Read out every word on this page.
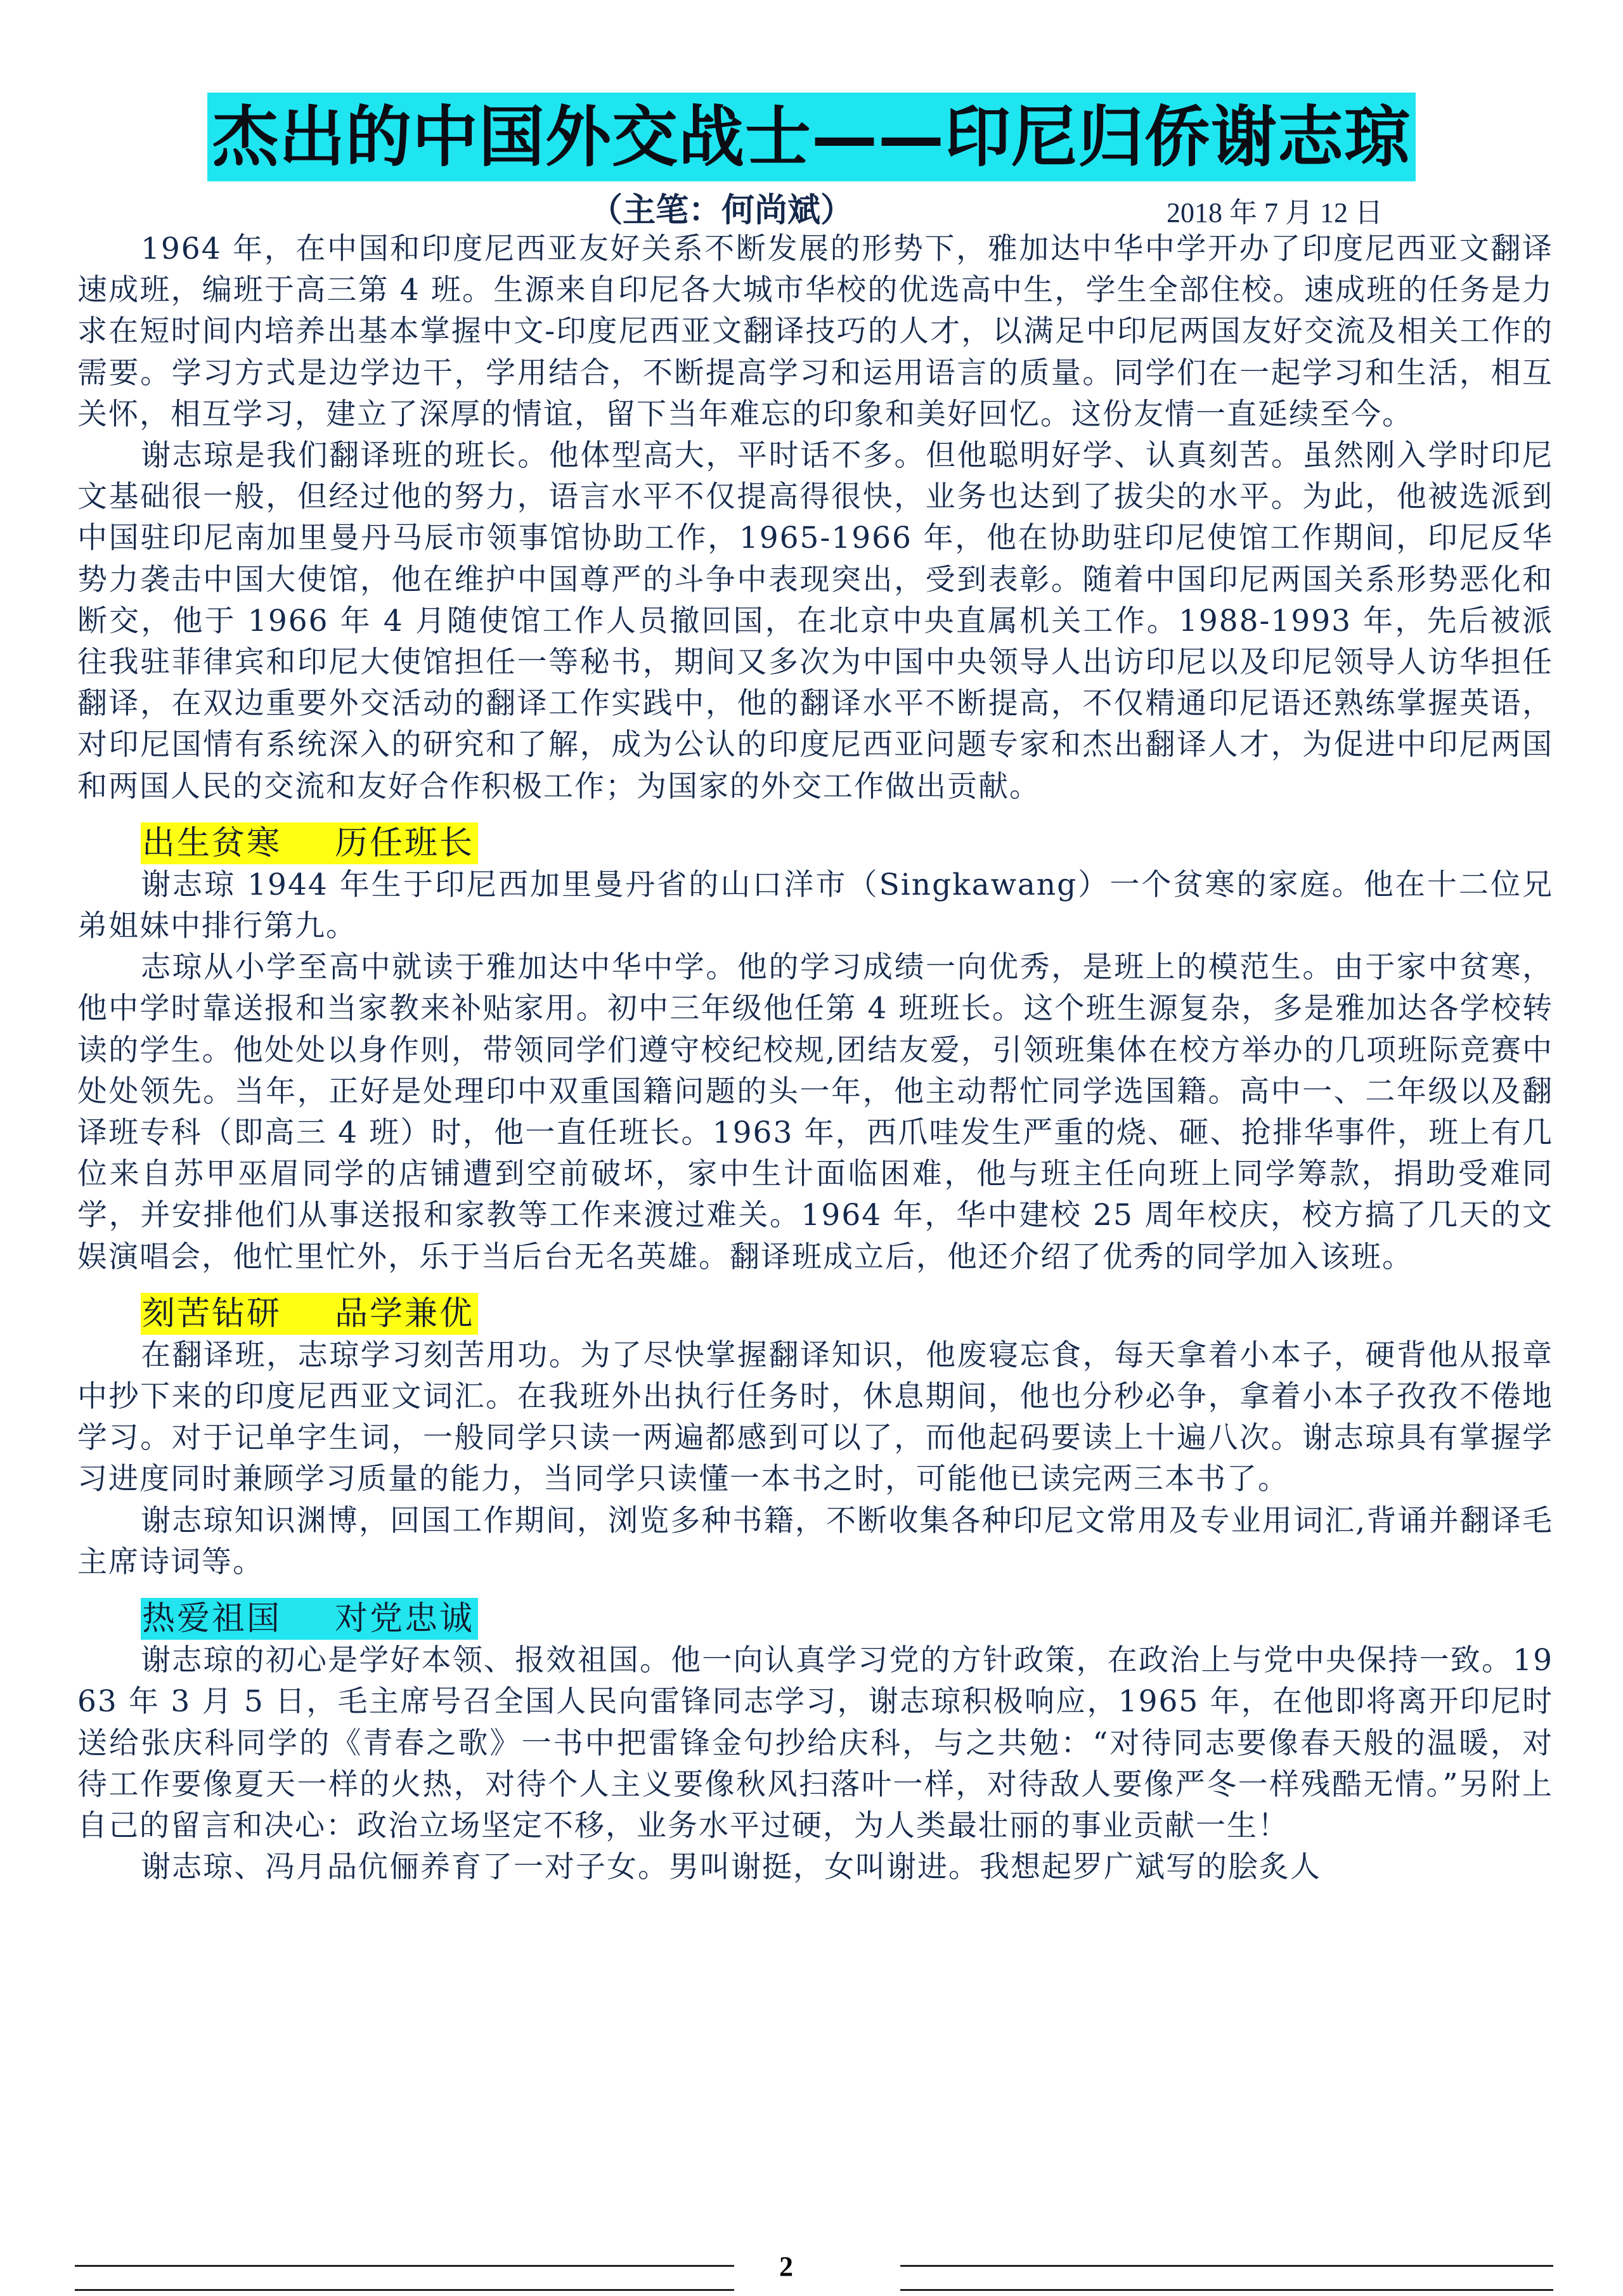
杰出的中国外交战士——印尼归侨谢志琼
（主笔：何尚斌）	2018 年 7 月 12 日

1964 年，在中国和印度尼西亚友好关系不断发展的形势下，雅加达中华中学开办了印度尼西亚文翻译速成班，编班于高三第 4 班。生源来自印尼各大城市华校的优选高中生，学生全部住校。速成班的任务是力求在短时间内培养出基本掌握中文-印度尼西亚文翻译技巧的人才，以满足中印尼两国友好交流及相关工作的需要。学习方式是边学边干，学用结合，不断提高学习和运用语言的质量。同学们在一起学习和生活，相互关怀，相互学习，建立了深厚的情谊，留下当年难忘的印象和美好回忆。这份友情一直延续至今。

谢志琼是我们翻译班的班长。他体型高大，平时话不多。但他聪明好学、认真刻苦。虽然刚入学时印尼文基础很一般，但经过他的努力，语言水平不仅提高得很快，业务也达到了拔尖的水平。为此，他被选派到中国驻印尼南加里曼丹马辰市领事馆协助工作，1965-1966 年，他在协助驻印尼使馆工作期间，印尼反华势力袭击中国大使馆，他在维护中国尊严的斗争中表现突出，受到表彰。随着中国印尼两国关系形势恶化和断交，他于 1966 年 4 月随使馆工作人员撤回国，在北京中央直属机关工作。1988-1993 年，先后被派往我驻菲律宾和印尼大使馆担任一等秘书，期间又多次为中国中央领导人出访印尼以及印尼领导人访华担任翻译，在双边重要外交活动的翻译工作实践中，他的翻译水平不断提高，不仅精通印尼语还熟练掌握英语，对印尼国情有系统深入的研究和了解，成为公认的印度尼西亚问题专家和杰出翻译人才，为促进中印尼两国和两国人民的交流和友好合作积极工作；为国家的外交工作做出贡献。

出生贫寒 历任班长

谢志琼 1944 年生于印尼西加里曼丹省的山口洋市（Singkawang）一个贫寒的家庭。他在十二位兄弟姐妹中排行第九。

志琼从小学至高中就读于雅加达中华中学。他的学习成绩一向优秀，是班上的模范生。由于家中贫寒，他中学时靠送报和当家教来补贴家用。初中三年级他任第 4 班班长。这个班生源复杂，多是雅加达各学校转读的学生。他处处以身作则，带领同学们遵守校纪校规,团结友爱，引领班集体在校方举办的几项班际竞赛中处处领先。当年，正好是处理印中双重国籍问题的头一年，他主动帮忙同学选国籍。高中一、二年级以及翻译班专科（即高三 4 班）时，他一直任班长。1963 年，西爪哇发生严重的烧、砸、抢排华事件，班上有几位来自苏甲巫眉同学的店铺遭到空前破坏，家中生计面临困难，他与班主任向班上同学筹款，捐助受难同学，并安排他们从事送报和家教等工作来渡过难关。1964 年，华中建校 25 周年校庆，校方搞了几天的文娱演唱会，他忙里忙外，乐于当后台无名英雄。翻译班成立后，他还介绍了优秀的同学加入该班。

刻苦钻研 品学兼优

在翻译班，志琼学习刻苦用功。为了尽快掌握翻译知识，他废寝忘食，每天拿着小本子，硬背他从报章中抄下来的印度尼西亚文词汇。在我班外出执行任务时，休息期间，他也分秒必争，拿着小本子孜孜不倦地学习。对于记单字生词，一般同学只读一两遍都感到可以了，而他起码要读上十遍八次。谢志琼具有掌握学习进度同时兼顾学习质量的能力，当同学只读懂一本书之时，可能他已读完两三本书了。

谢志琼知识渊博，回国工作期间，浏览多种书籍，不断收集各种印尼文常用及专业用词汇,背诵并翻译毛主席诗词等。

热爱祖国 对党忠诚

谢志琼的初心是学好本领、报效祖国。他一向认真学习党的方针政策，在政治上与党中央保持一致。1963 年 3 月 5 日，毛主席号召全国人民向雷锋同志学习，谢志琼积极响应，1965 年，在他即将离开印尼时送给张庆科同学的《青春之歌》一书中把雷锋金句抄给庆科，与之共勉：“对待同志要像春天般的温暖，对待工作要像夏天一样的火热，对待个人主义要像秋风扫落叶一样，对待敌人要像严冬一样残酷无情。”另附上自己的留言和决心：政治立场坚定不移，业务水平过硬，为人类最壮丽的事业贡献一生！

谢志琼、冯月品伉俪养育了一对子女。男叫谢挺，女叫谢进。我想起罗广斌写的脍炙人

2
